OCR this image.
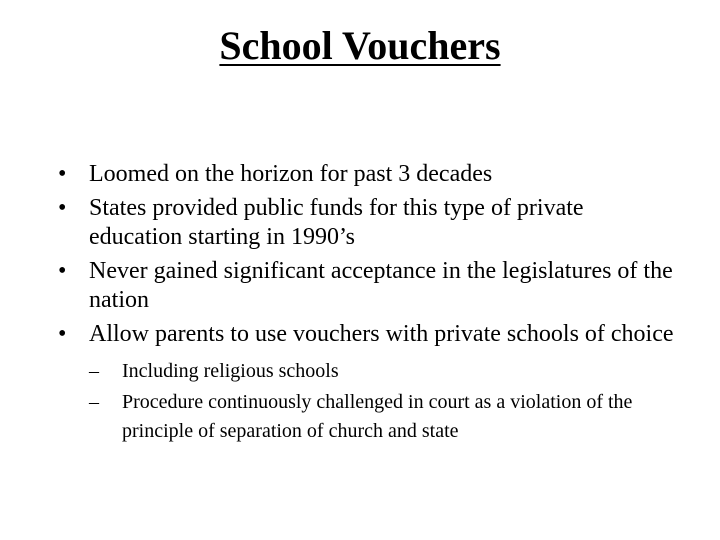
School Vouchers
• Loomed on the horizon for past 3 decades
• States provided public funds for this type of private education starting in 1990’s
• Never gained significant acceptance in the legislatures of the nation
• Allow parents to use vouchers with private schools of choice
–	Including religious schools
–	Procedure continuously challenged in court as a violation of the principle of separation of church and state
